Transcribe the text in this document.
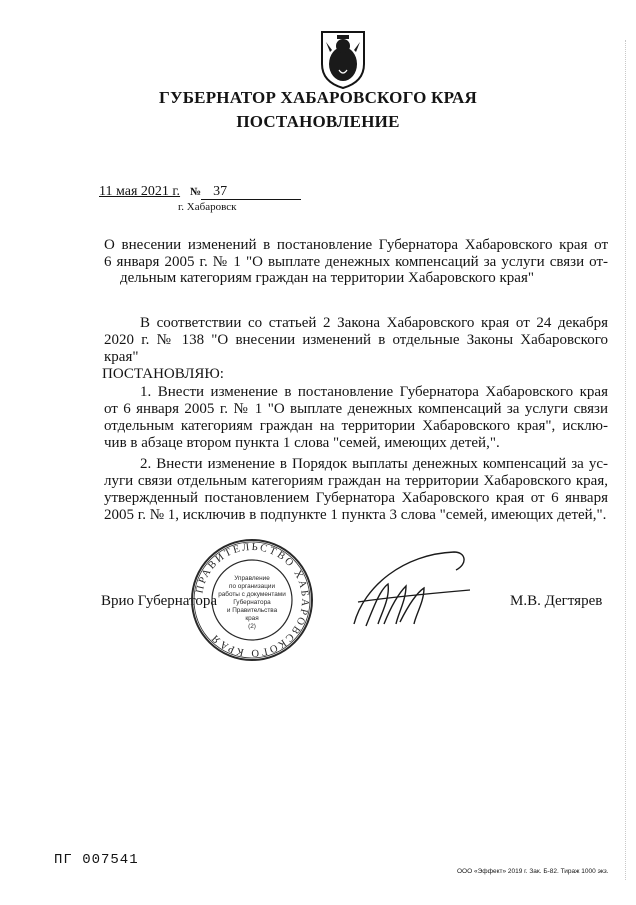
ГУБЕРНАТОР ХАБАРОВСКОГО КРАЯ
ПОСТАНОВЛЕНИЕ
11 мая 2021 г. № 37
г. Хабаровск
О внесении изменений в постановление Губернатора Хабаровского края от
6 января 2005 г. № 1 "О выплате денежных компенсаций за услуги связи от-
дельным категориям граждан на территории Хабаровского края"
В соответствии со статьей 2 Закона Хабаровского края от 24 декабря
2020 г. № 138 "О внесении изменений в отдельные Законы Хабаровского
края"
ПОСТАНОВЛЯЮ:
1. Внести изменение в постановление Губернатора Хабаровского края
от 6 января 2005 г. № 1 "О выплате денежных компенсаций за услуги связи
отдельным категориям граждан на территории Хабаровского края", исклю-
чив в абзаце втором пункта 1 слова "семей, имеющих детей,".
2. Внести изменение в Порядок выплаты денежных компенсаций за ус-
луги связи отдельным категориям граждан на территории Хабаровского края,
утвержденный постановлением Губернатора Хабаровского края от 6 января
2005 г. № 1, исключив в подпункте 1 пункта 3 слова "семей, имеющих детей,".
Врио Губернатора	М.В. Дегтярев
ПРАВИТЕЛЬСТВО ХАБАРОВСКОГО КРАЯ
Управление
по организации
работы с документами
Губернатора
и Правительства
края
(2)
ПГ 007541
ООО «Эффект» 2019 г. Зак. Б-82. Тираж 1000 экз.
